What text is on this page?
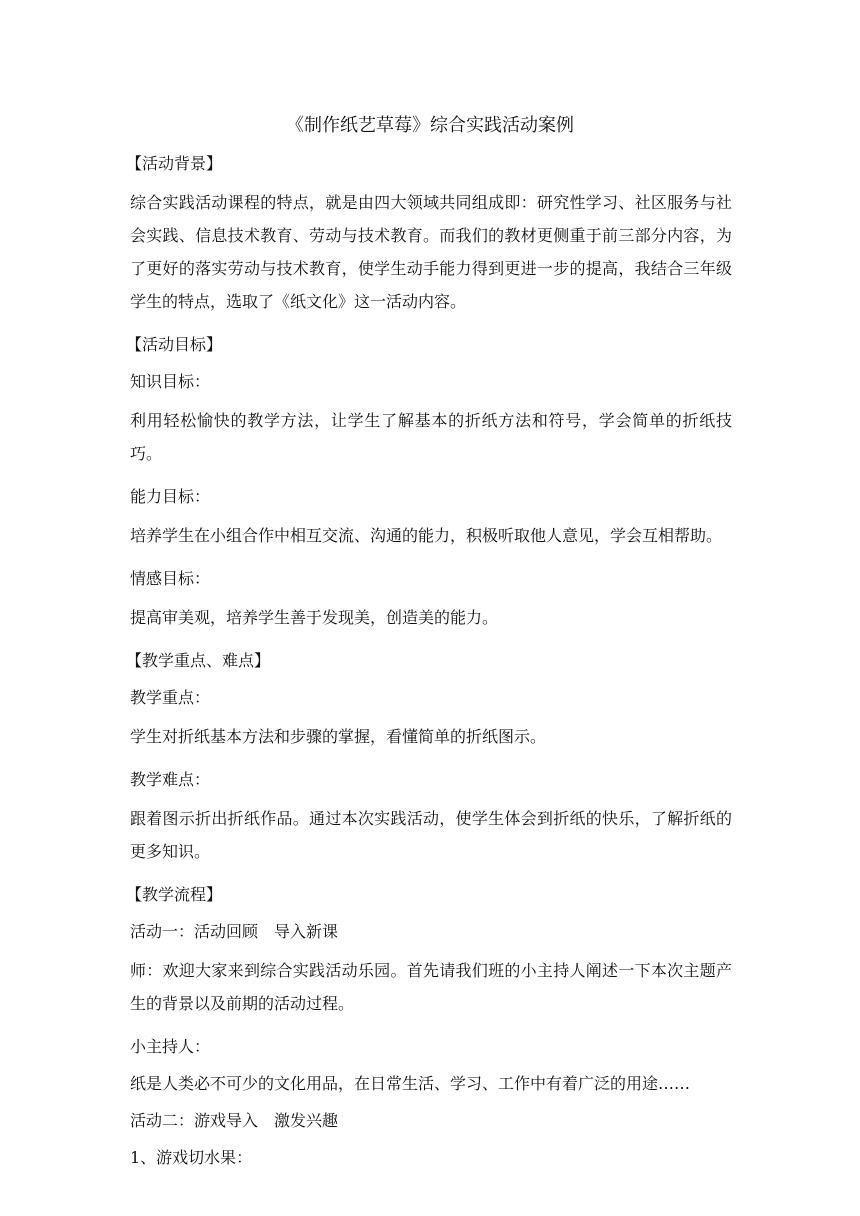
《制作纸艺草莓》综合实践活动案例
【活动背景】

综合实践活动课程的特点，就是由四大领域共同组成即：研究性学习、社区服务与社会实践、信息技术教育、劳动与技术教育。而我们的教材更侧重于前三部分内容，为了更好的落实劳动与技术教育，使学生动手能力得到更进一步的提高，我结合三年级学生的特点，选取了《纸文化》这一活动内容。

【活动目标】

知识目标：

利用轻松愉快的教学方法，让学生了解基本的折纸方法和符号，学会简单的折纸技巧。

能力目标：

培养学生在小组合作中相互交流、沟通的能力，积极听取他人意见，学会互相帮助。

情感目标：

提高审美观，培养学生善于发现美，创造美的能力。

【教学重点、难点】

教学重点：

学生对折纸基本方法和步骤的掌握，看懂简单的折纸图示。

教学难点：

跟着图示折出折纸作品。通过本次实践活动，使学生体会到折纸的快乐，了解折纸的更多知识。

【教学流程】

活动一：活动回顾　导入新课

师：欢迎大家来到综合实践活动乐园。首先请我们班的小主持人阐述一下本次主题产生的背景以及前期的活动过程。

小主持人：

纸是人类必不可少的文化用品，在日常生活、学习、工作中有着广泛的用途……

活动二：游戏导入　激发兴趣

1、游戏切水果：
